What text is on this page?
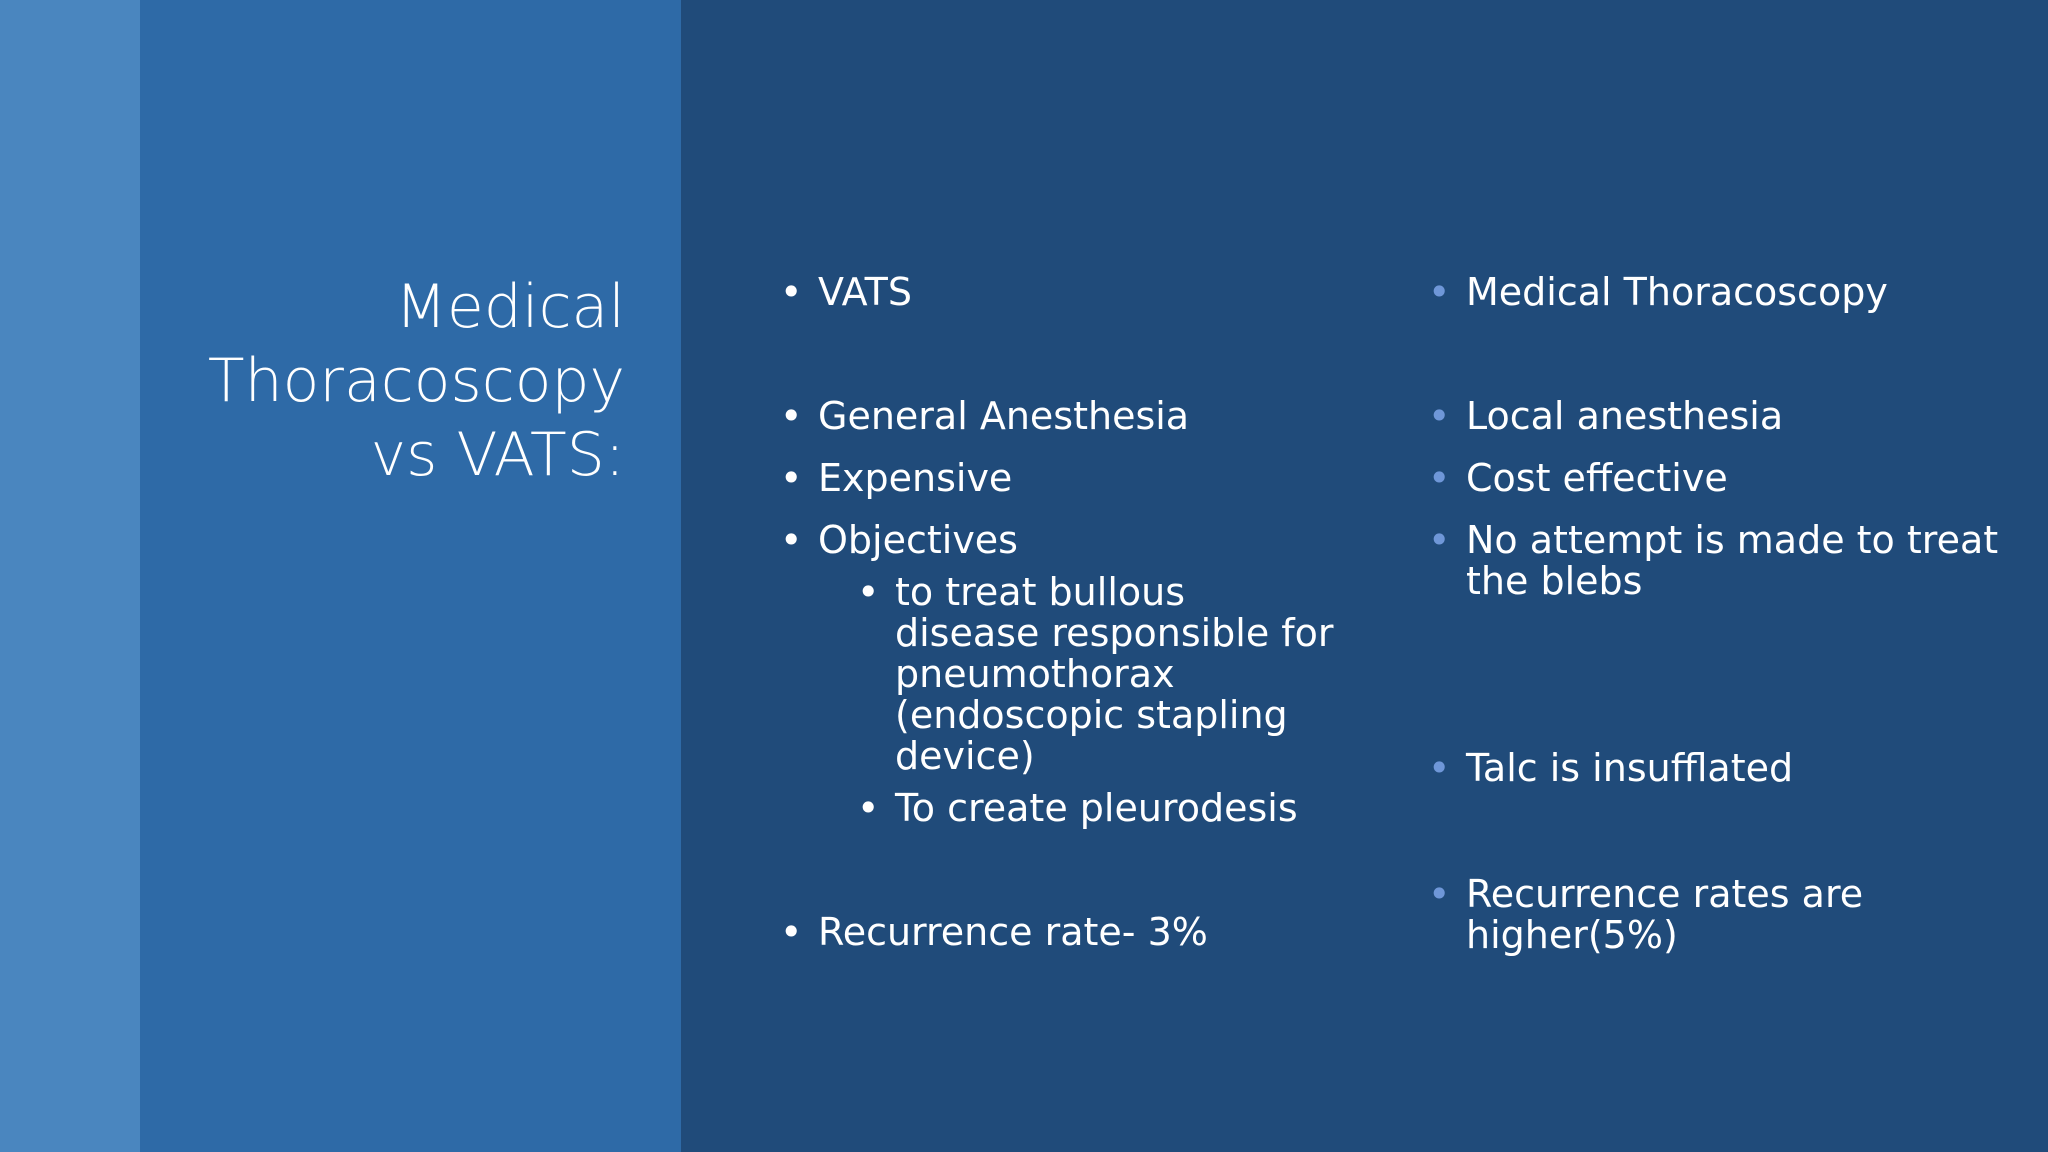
Medical
Thoracoscopy
vs VATS:
• VATS
• General Anesthesia
• Expensive
• Objectives
• to treat bullous disease responsible for pneumothorax (endoscopic stapling device)
• To create pleurodesis
• Recurrence rate- 3%
• Medical Thoracoscopy
• Local anesthesia
• Cost effective
• No attempt is made to treat the blebs
• Talc is insufflated
• Recurrence rates are higher(5%)
